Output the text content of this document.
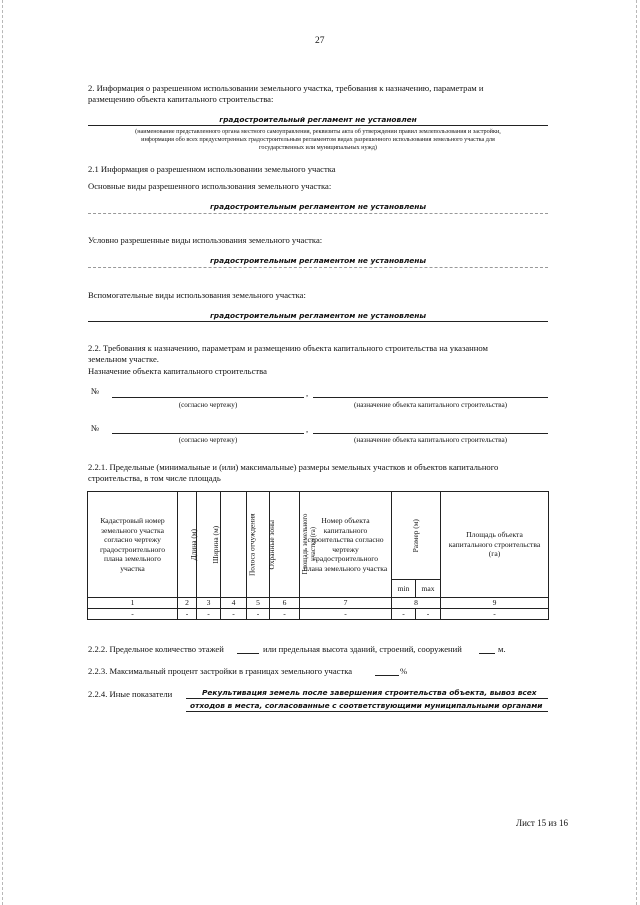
27
2. Информация о разрешенном использовании земельного участка, требования к назначению, параметрам и
размещению объекта капитального строительства:
градостроительный регламент не установлен
(наименование представленного органа местного самоуправления, реквизиты акта об утверждении правил землепользования и застройки,
информация обо всех предусмотренных градостроительным регламентом видах разрешенного использования земельного участка для
государственных или муниципальных нужд)
2.1 Информация о разрешенном использовании земельного участка
Основные виды разрешенного использования земельного участка:
градостроительным регламентом не установлены
Условно разрешенные виды использования земельного участка:
градостроительным регламентом не установлены
Вспомогательные виды использования земельного участка:
градостроительным регламентом не установлены
2.2. Требования к назначению, параметрам и размещению объекта капитального строительства на указанном
земельном участке.
Назначение объекта капитального строительства
№	,
(согласно чертежу)	(назначение объекта капитального строительства)
№	,
(согласно чертежу)	(назначение объекта капитального строительства)
2.2.1. Предельные (минимальные и (или) максимальные) размеры земельных участков и объектов капитального
строительства, в том числе площадь
Кадастровый номер земельного участка согласно чертежу градостроительного плана земельного участка	Длина (м)	Ширина (м)	Полоса отчуждения	Охранные зоны	Площадь земельного участка (га)	Номер объекта капитального строительства согласно чертежу градостроительного плана земельного участка	Размер (м)		Площадь объекта капитального строительства (га)
							min	max	
1	2	3	4	5	6	7	8		9
-	-	-	-	-	-	-	-	-	-
2.2.2. Предельное количество этажей	или предельная высота зданий, строений, сооружений	м.
2.2.3. Максимальный процент застройки в границах земельного участка	%
2.2.4. Иные показатели	Рекультивация земель после завершения строительства объекта, вывоз всех
отходов в места, согласованные с соответствующими муниципальными органами
Лист 15 из 16
